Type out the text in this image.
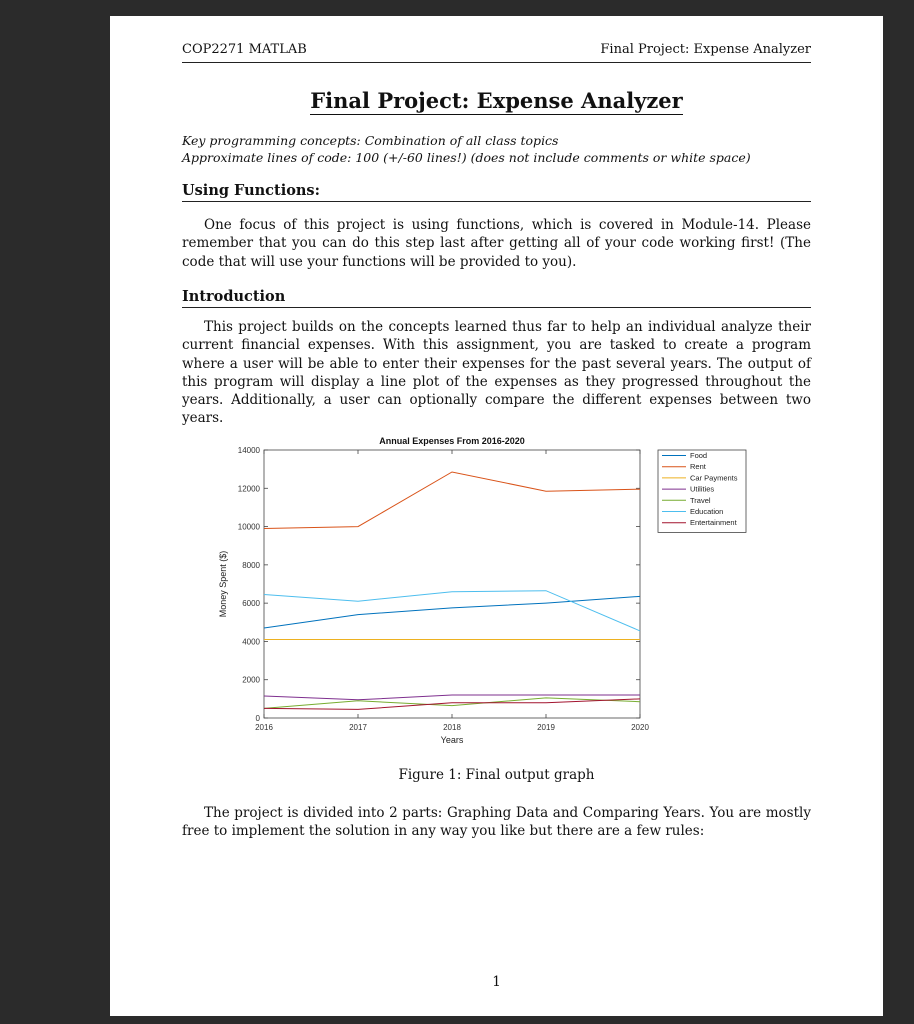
COP2271 MATLAB	Final Project: Expense Analyzer
Final Project: Expense Analyzer
Key programming concepts: Combination of all class topics
Approximate lines of code: 100 (+/-60 lines!) (does not include comments or white space)
Using Functions:
One focus of this project is using functions, which is covered in Module-14. Please remember that you can do this step last after getting all of your code working first! (The code that will use your functions will be provided to you).
Introduction
This project builds on the concepts learned thus far to help an individual analyze their current financial expenses. With this assignment, you are tasked to create a program where a user will be able to enter their expenses for the past several years. The output of this program will display a line plot of the expenses as they progressed throughout the years. Additionally, a user can optionally compare the different expenses between two years.
0
2000
4000
6000
8000
10000
12000
14000
2016	2017	2018	2019	2020
Annual Expenses From 2016-2020
Years
Money Spent ($)
Food
Rent
Car Payments
Utilities
Travel
Education
Entertainment
Figure 1: Final output graph
The project is divided into 2 parts: Graphing Data and Comparing Years. You are mostly free to implement the solution in any way you like but there are a few rules:
1
